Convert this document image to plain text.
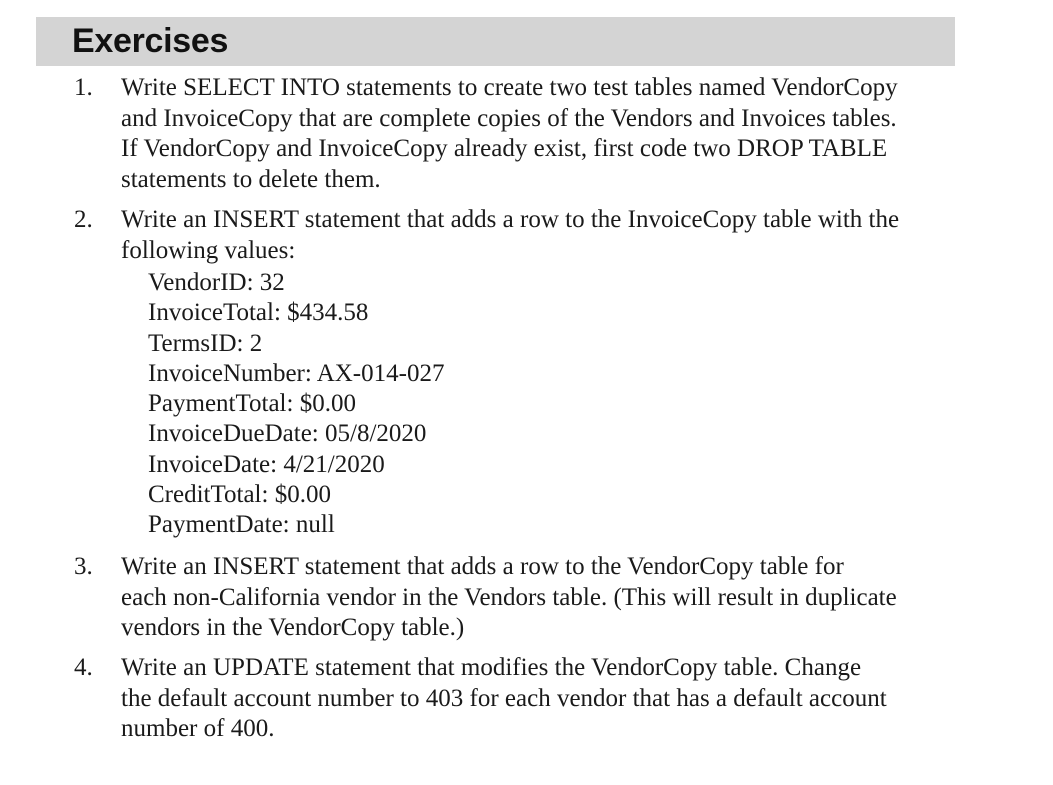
Exercises
1. Write SELECT INTO statements to create two test tables named VendorCopy

and InvoiceCopy that are complete copies of the Vendors and Invoices tables.

If VendorCopy and InvoiceCopy already exist, first code two DROP TABLE

statements to delete them.

2. Write an INSERT statement that adds a row to the InvoiceCopy table with the

following values:

VendorID: 32
InvoiceTotal: $434.58
TermsID: 2
InvoiceNumber: AX-014-027
PaymentTotal: $0.00
InvoiceDueDate: 05/8/2020
InvoiceDate: 4/21/2020
CreditTotal: $0.00
PaymentDate: null
3. Write an INSERT statement that adds a row to the VendorCopy table for

each non-California vendor in the Vendors table. (This will result in duplicate

vendors in the VendorCopy table.)

4. Write an UPDATE statement that modifies the VendorCopy table. Change

the default account number to 403 for each vendor that has a default account

number of 400.
